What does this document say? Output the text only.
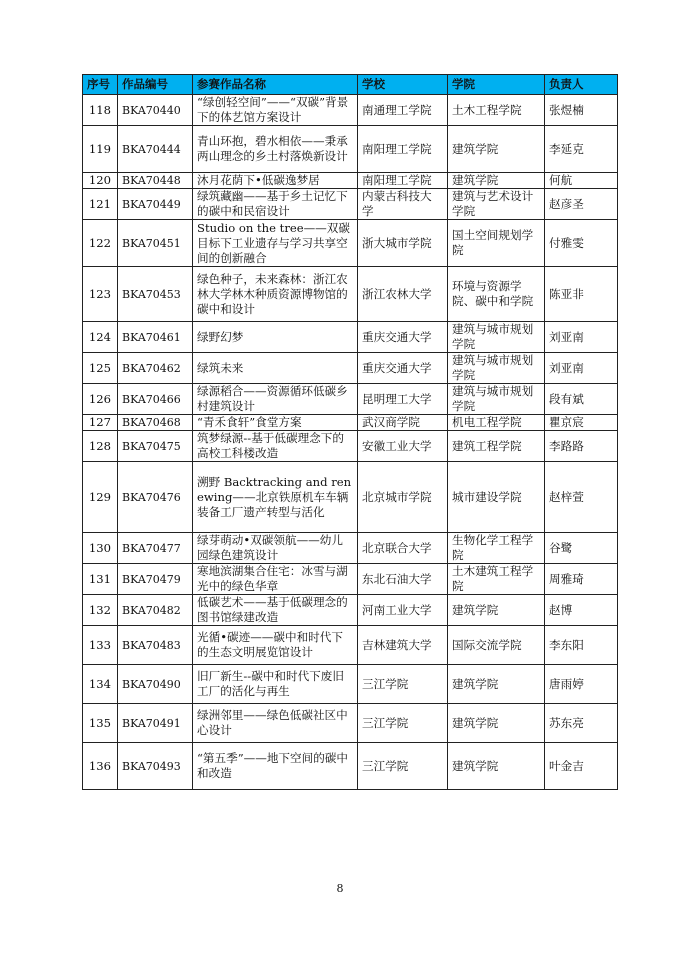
序号	作品编号	参赛作品名称	学校	学院	负责人
118	BKA70440	“绿创轻空间”——“双碳”背景下的体艺馆方案设计	南通理工学院	土木工程学院	张煜楠
119	BKA70444	青山环抱，碧水相依——秉承两山理念的乡土村落焕新设计	南阳理工学院	建筑学院	李延克
120	BKA70448	沐月花荫下•低碳逸梦居	南阳理工学院	建筑学院	何航
121	BKA70449	绿筑藏幽——基于乡土记忆下的碳中和民宿设计	内蒙古科技大学	建筑与艺术设计学院	赵彦圣
122	BKA70451	Studio on the tree——双碳目标下工业遗存与学习共享空间的创新融合	浙大城市学院	国土空间规划学院	付雅雯
123	BKA70453	绿色种子，未来森林：浙江农林大学林木种质资源博物馆的碳中和设计	浙江农林大学	环境与资源学院、碳中和学院	陈亚非
124	BKA70461	绿野幻梦	重庆交通大学	建筑与城市规划学院	刘亚南
125	BKA70462	绿筑未来	重庆交通大学	建筑与城市规划学院	刘亚南
126	BKA70466	绿源稻合——资源循环低碳乡村建筑设计	昆明理工大学	建筑与城市规划学院	段有斌
127	BKA70468	“青禾食轩”食堂方案	武汉商学院	机电工程学院	瞿京宸
128	BKA70475	筑梦绿源--基于低碳理念下的高校工科楼改造	安徽工业大学	建筑工程学院	李路路
129	BKA70476	溯野 Backtracking and renewing——北京铁原机车车辆装备工厂遗产转型与活化	北京城市学院	城市建设学院	赵梓萱
130	BKA70477	绿芽萌动•双碳领航——幼儿园绿色建筑设计	北京联合大学	生物化学工程学院	谷鹭
131	BKA70479	寒地滨湖集合住宅：冰雪与湖光中的绿色华章	东北石油大学	土木建筑工程学院	周雅琦
132	BKA70482	低碳艺术——基于低碳理念的图书馆绿建改造	河南工业大学	建筑学院	赵博
133	BKA70483	光循•碳迹——碳中和时代下的生态文明展览馆设计	吉林建筑大学	国际交流学院	李东阳
134	BKA70490	旧厂新生--碳中和时代下废旧工厂的活化与再生	三江学院	建筑学院	唐雨婷
135	BKA70491	绿洲邻里——绿色低碳社区中心设计	三江学院	建筑学院	苏东亮
136	BKA70493	“第五季”——地下空间的碳中和改造	三江学院	建筑学院	叶金吉
8
